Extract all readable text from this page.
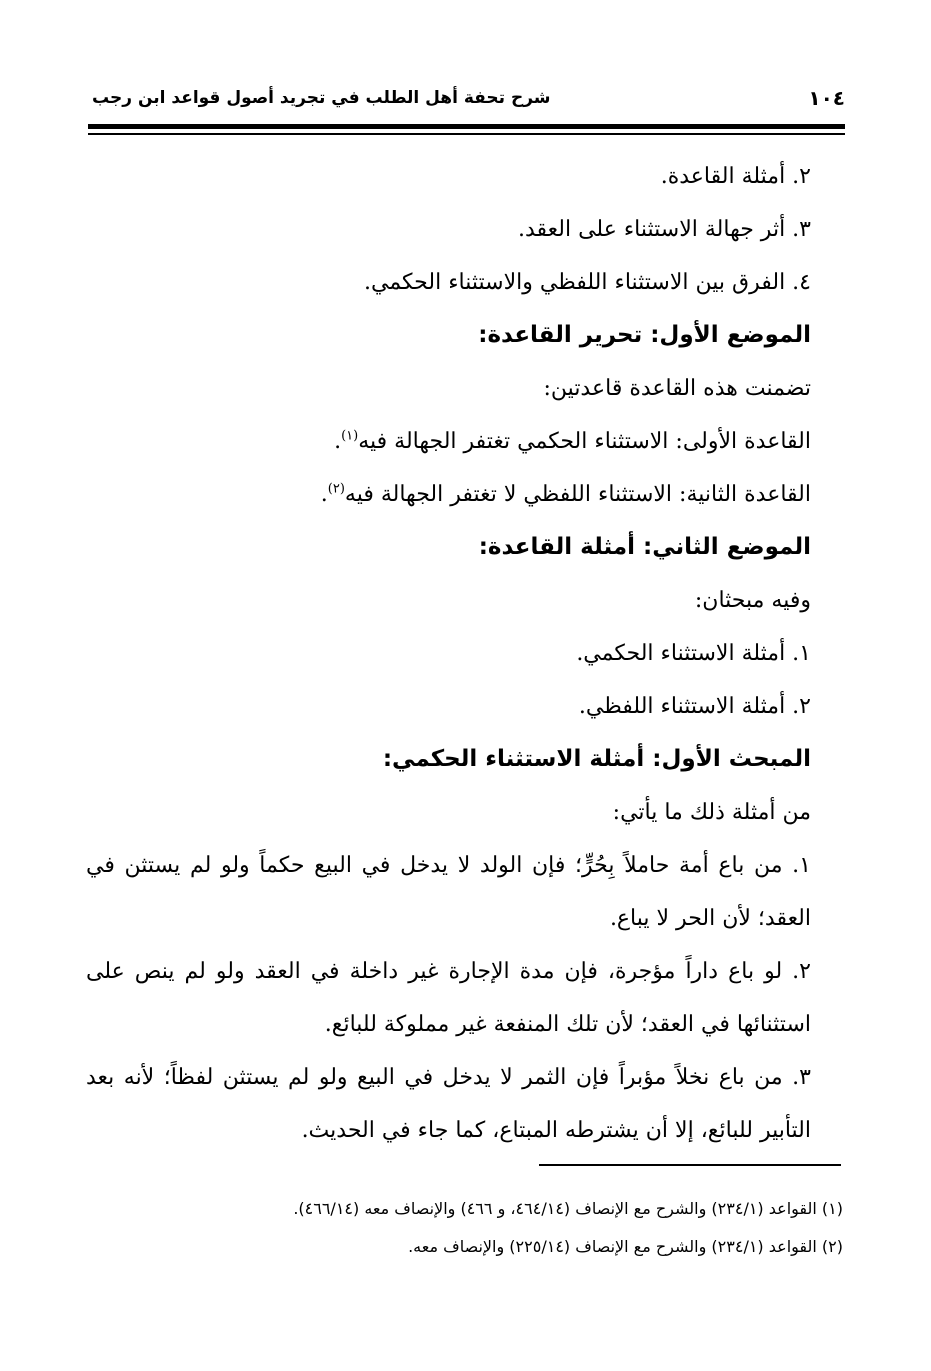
١٠٤
شرح تحفة أهل الطلب في تجريد أصول قواعد ابن رجب
٢. أمثلة القاعدة.
٣. أثر جهالة الاستثناء على العقد.
٤. الفرق بين الاستثناء اللفظي والاستثناء الحكمي.
الموضع الأول: تحرير القاعدة:
تضمنت هذه القاعدة قاعدتين:
القاعدة الأولى: الاستثناء الحكمي تغتفر الجهالة فيه$^{(١)}$.
القاعدة الثانية: الاستثناء اللفظي لا تغتفر الجهالة فيه$^{(٢)}$.
الموضع الثاني: أمثلة القاعدة:
وفيه مبحثان:
١. أمثلة الاستثناء الحكمي.
٢. أمثلة الاستثناء اللفظي.
المبحث الأول: أمثلة الاستثناء الحكمي:
من أمثلة ذلك ما يأتي:
١. من باع أمة حاملاً بِحُرٍّ؛ فإن الولد لا يدخل في البيع حكماً ولو لم يستثن في العقد؛ لأن الحر لا يباع.
٢. لو باع داراً مؤجرة، فإن مدة الإجارة غير داخلة في العقد ولو لم ينص على استثنائها في العقد؛ لأن تلك المنفعة غير مملوكة للبائع.
٣. من باع نخلاً مؤبراً فإن الثمر لا يدخل في البيع ولو لم يستثن لفظاً؛ لأنه بعد التأبير للبائع، إلا أن يشترطه المبتاع، كما جاء في الحديث.
(١) القواعد (٢٣٤/١) والشرح مع الإنصاف (٤٦٤/١٤، و ٤٦٦) والإنصاف معه (٤٦٦/١٤).
(٢) القواعد (٢٣٤/١) والشرح مع الإنصاف (٢٢٥/١٤) والإنصاف معه.
